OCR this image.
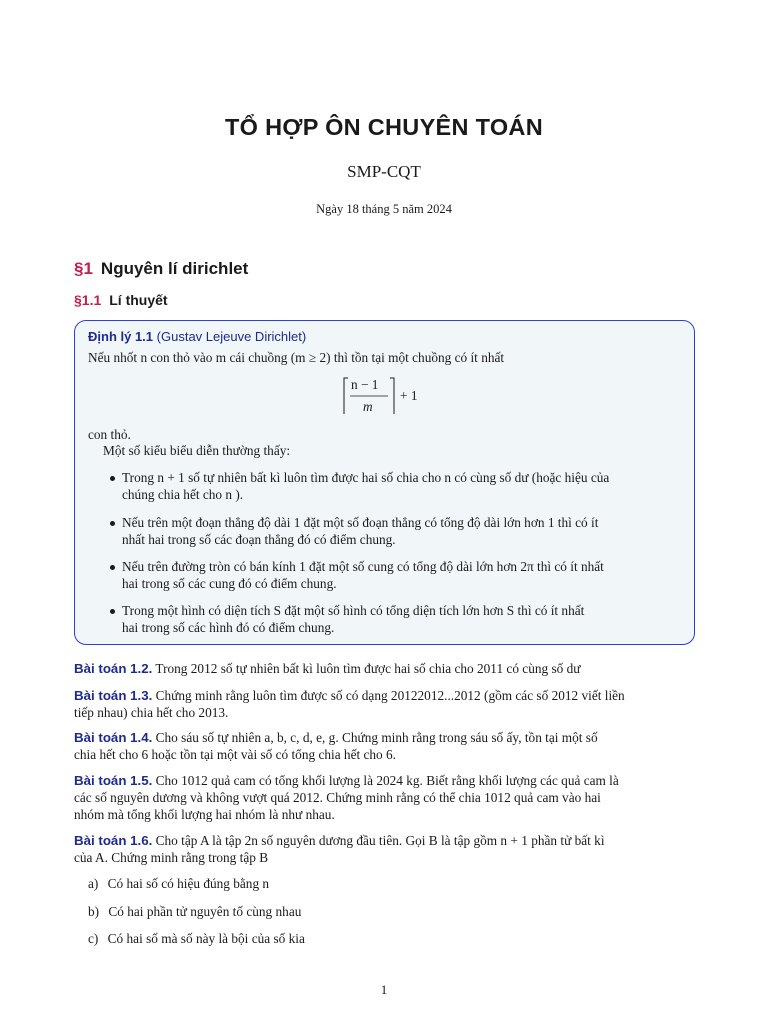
TỔ HỢP ÔN CHUYÊN TOÁN
SMP-CQT
Ngày 18 tháng 5 năm 2024
§1 Nguyên lí dirichlet
§1.1 Lí thuyết
Định lý 1.1 (Gustav Lejeuve Dirichlet)
Nếu nhốt n con thỏ vào m cái chuồng (m ≥ 2) thì tồn tại một chuồng có ít nhất
n − 1
m
+ 1
con thỏ.
Một số kiểu biểu diễn thường thấy:
Trong n + 1 số tự nhiên bất kì luôn tìm được hai số chia cho n có cùng số dư (hoặc hiệu của
chúng chia hết cho n ).
Nếu trên một đoạn thẳng độ dài 1 đặt một số đoạn thẳng có tổng độ dài lớn hơn 1 thì có ít
nhất hai trong số các đoạn thẳng đó có điểm chung.
Nếu trên đường tròn có bán kính 1 đặt một số cung có tổng độ dài lớn hơn 2π thì có ít nhất
hai trong số các cung đó có điểm chung.
Trong một hình có diện tích S đặt một số hình có tổng diện tích lớn hơn S thì có ít nhất
hai trong số các hình đó có điểm chung.
Bài toán 1.2. Trong 2012 số tự nhiên bất kì luôn tìm được hai số chia cho 2011 có cùng số dư
Bài toán 1.3. Chứng minh rằng luôn tìm được số có dạng 20122012...2012 (gồm các số 2012 viết liền
tiếp nhau) chia hết cho 2013.
Bài toán 1.4. Cho sáu số tự nhiên a, b, c, d, e, g. Chứng minh rằng trong sáu số ấy, tồn tại một số
chia hết cho 6 hoặc tồn tại một vài số có tổng chia hết cho 6.
Bài toán 1.5. Cho 1012 quả cam có tổng khối lượng là 2024 kg. Biết rằng khối lượng các quả cam là
các số nguyên dương và không vượt quá 2012. Chứng minh rằng có thể chia 1012 quả cam vào hai
nhóm mà tổng khối lượng hai nhóm là như nhau.
Bài toán 1.6. Cho tập A là tập 2n số nguyên dương đầu tiên. Gọi B là tập gồm n + 1 phần tử bất kì
của A. Chứng minh rằng trong tập B
a) Có hai số có hiệu đúng bằng n
b) Có hai phần tử nguyên tố cùng nhau
c) Có hai số mà số này là bội của số kia
1
